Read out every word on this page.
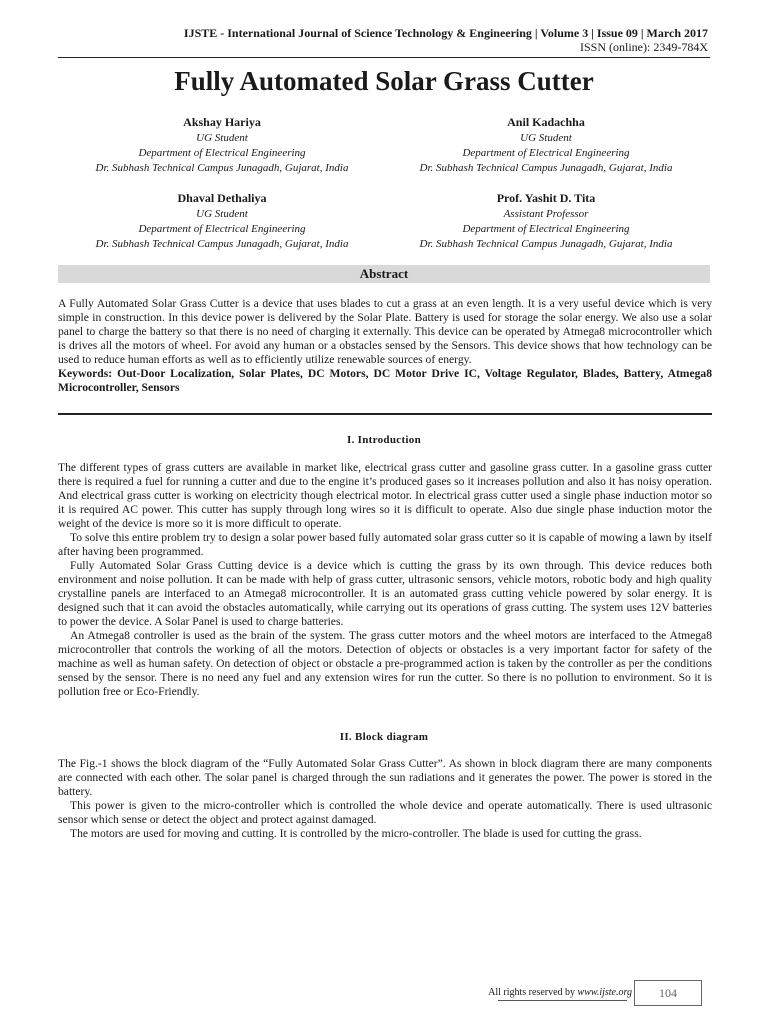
IJSTE - International Journal of Science Technology & Engineering | Volume 3 | Issue 09 | March 2017
ISSN (online): 2349-784X
Fully Automated Solar Grass Cutter
Akshay Hariya
UG Student
Department of Electrical Engineering
Dr. Subhash Technical Campus Junagadh, Gujarat, India
Anil Kadachha
UG Student
Department of Electrical Engineering
Dr. Subhash Technical Campus Junagadh, Gujarat, India
Dhaval Dethaliya
UG Student
Department of Electrical Engineering
Dr. Subhash Technical Campus Junagadh, Gujarat, India
Prof. Yashit D. Tita
Assistant Professor
Department of Electrical Engineering
Dr. Subhash Technical Campus Junagadh, Gujarat, India
Abstract
A Fully Automated Solar Grass Cutter is a device that uses blades to cut a grass at an even length. It is a very useful device which is very simple in construction. In this device power is delivered by the Solar Plate. Battery is used for storage the solar energy. We also use a solar panel to charge the battery so that there is no need of charging it externally. This device can be operated by Atmega8 microcontroller which is drives all the motors of wheel. For avoid any human or a obstacles sensed by the Sensors. This device shows that how technology can be used to reduce human efforts as well as to efficiently utilize renewable sources of energy.
Keywords: Out-Door Localization, Solar Plates, DC Motors, DC Motor Drive IC, Voltage Regulator, Blades, Battery, Atmega8 Microcontroller, Sensors
I. Introduction

The different types of grass cutters are available in market like, electrical grass cutter and gasoline grass cutter. In a gasoline grass cutter there is required a fuel for running a cutter and due to the engine it’s produced gases so it increases pollution and also it has noisy operation. And electrical grass cutter is working on electricity though electrical motor. In electrical grass cutter used a single phase induction motor so it is required AC power. This cutter has supply through long wires so it is difficult to operate. Also due single phase induction motor the weight of the device is more so it is more difficult to operate.

To solve this entire problem try to design a solar power based fully automated solar grass cutter so it is capable of mowing a lawn by itself after having been programmed.

Fully Automated Solar Grass Cutting device is a device which is cutting the grass by its own through. This device reduces both environment and noise pollution. It can be made with help of grass cutter, ultrasonic sensors, vehicle motors, robotic body and high quality crystalline panels are interfaced to an Atmega8 microcontroller. It is an automated grass cutting vehicle powered by solar energy. It is designed such that it can avoid the obstacles automatically, while carrying out its operations of grass cutting. The system uses 12V batteries to power the device. A Solar Panel is used to charge batteries.

An Atmega8 controller is used as the brain of the system. The grass cutter motors and the wheel motors are interfaced to the Atmega8 microcontroller that controls the working of all the motors. Detection of objects or obstacles is a very important factor for safety of the machine as well as human safety. On detection of object or obstacle a pre-programmed action is taken by the controller as per the conditions sensed by the sensor. There is no need any fuel and any extension wires for run the cutter. So there is no pollution to environment. So it is pollution free or Eco-Friendly.

II. Block diagram

The Fig.-1 shows the block diagram of the “Fully Automated Solar Grass Cutter”. As shown in block diagram there are many components are connected with each other. The solar panel is charged through the sun radiations and it generates the power. The power is stored in the battery.

This power is given to the micro-controller which is controlled the whole device and operate automatically. There is used ultrasonic sensor which sense or detect the object and protect against damaged.

The motors are used for moving and cutting. It is controlled by the micro-controller. The blade is used for cutting the grass.

All rights reserved by www.ijste.org	104
